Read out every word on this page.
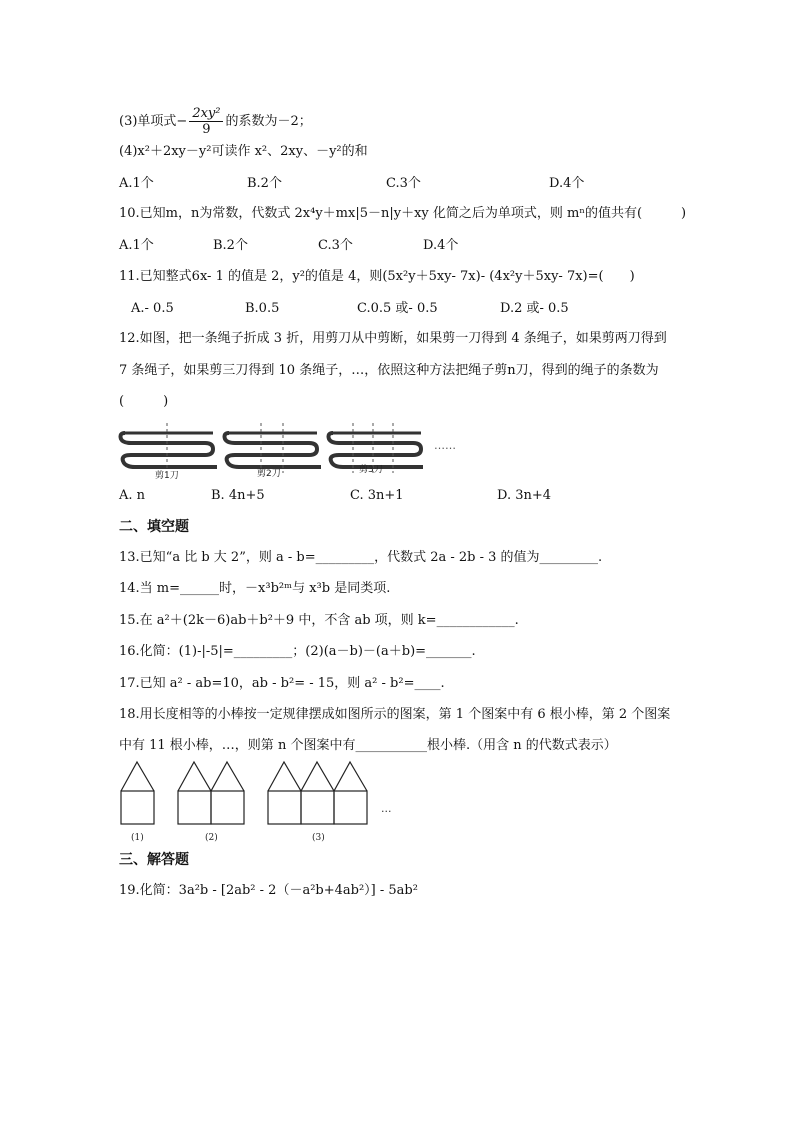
(3)单项式− $\frac{\text{2xy²}}{9}$ 的系数为－2；
(4)x²＋2xy－y²可读作 x²、2xy、－y²的和
A.1个	B.2个	C.3个	D.4个
10.已知m，n为常数，代数式 2x⁴y＋mx|5－n|y＋xy 化简之后为单项式，则 mⁿ的值共有(　　　)
A.1个	B.2个	C.3个	D.4个
11.已知整式6x- 1 的值是 2，y²的值是 4，则(5x²y＋5xy- 7x)- (4x²y＋5xy- 7x)=(　　)
A.- 0.5	B.0.5	C.0.5 或- 0.5	D.2 或- 0.5
12.如图，把一条绳子折成 3 折，用剪刀从中剪断，如果剪一刀得到 4 条绳子，如果剪两刀得到
7 条绳子，如果剪三刀得到 10 条绳子，…，依照这种方法把绳子剪n刀，得到的绳子的条数为
(　　　)
剪1刀	剪2刀	剪3刀
……
A. n	B. 4n+5	C. 3n+1	D. 3n+4
二、填空题
13.已知“a 比 b 大 2”，则 a - b=_________，代数式 2a - 2b - 3 的值为_________.
14.当 m=______时，－x³b²ᵐ与 x³b 是同类项.
15.在 a²＋(2k－6)ab＋b²＋9 中，不含 ab 项，则 k=____________.
16.化简：(1)-|-5|=_________；(2)(a－b)－(a＋b)=_______.
17.已知 a² - ab=10，ab - b²= - 15，则 a² - b²=____.
18.用长度相等的小棒按一定规律摆成如图所示的图案，第 1 个图案中有 6 根小棒，第 2 个图案
中有 11 根小棒，…，则第 n 个图案中有___________根小棒.（用含 n 的代数式表示）
(1)	(2)	(3)
...
三、解答题
19.化简：3a²b - [2ab² - 2（－a²b+4ab²）] - 5ab²
